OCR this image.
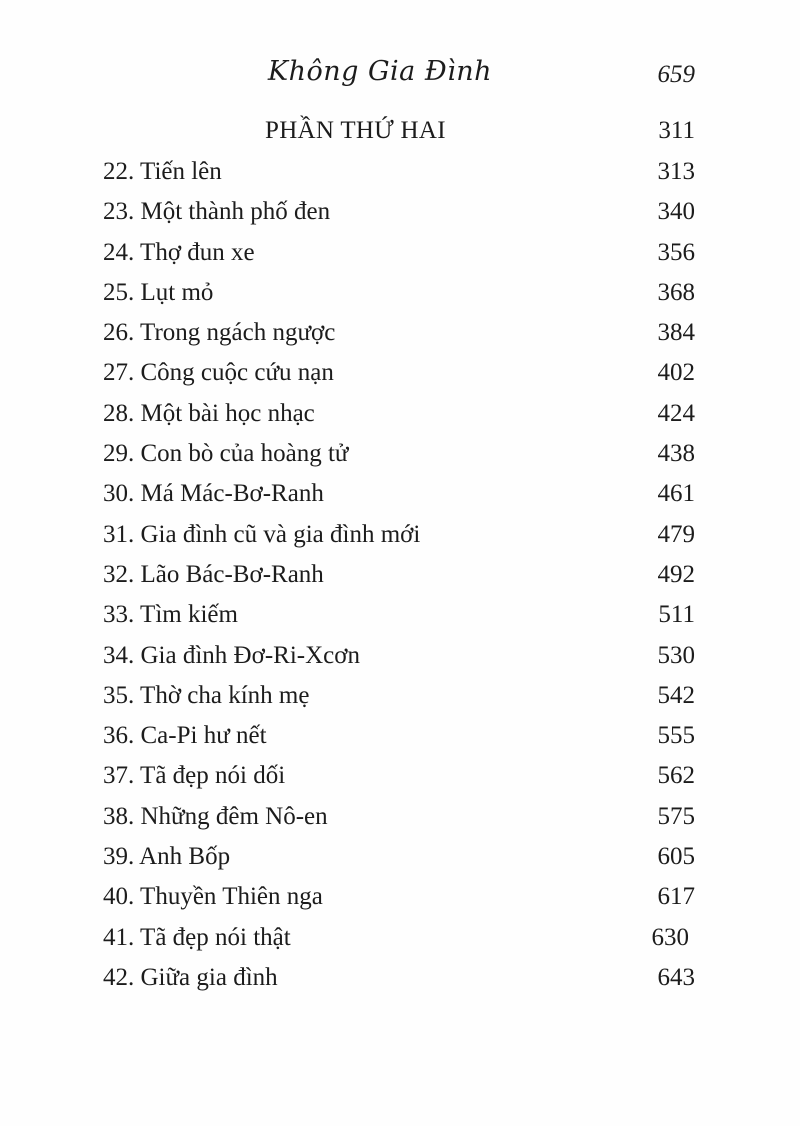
Không Gia Đình	659
PHẦN THỨ HAI	311
22. Tiến lên	313
23. Một thành phố đen	340
24. Thợ đun xe	356
25. Lụt mỏ	368
26. Trong ngách ngược	384
27. Công cuộc cứu nạn	402
28. Một bài học nhạc	424
29. Con bò của hoàng tử	438
30. Má Mác-Bơ-Ranh	461
31. Gia đình cũ và gia đình mới	479
32. Lão Bác-Bơ-Ranh	492
33. Tìm kiếm	511
34. Gia đình Đơ-Ri-Xcơn	530
35. Thờ cha kính mẹ	542
36. Ca-Pi hư nết	555
37. Tã đẹp nói dối	562
38. Những đêm Nô-en	575
39. Anh Bốp	605
40. Thuyền Thiên nga	617
41. Tã đẹp nói thật	630
42. Giữa gia đình	643
